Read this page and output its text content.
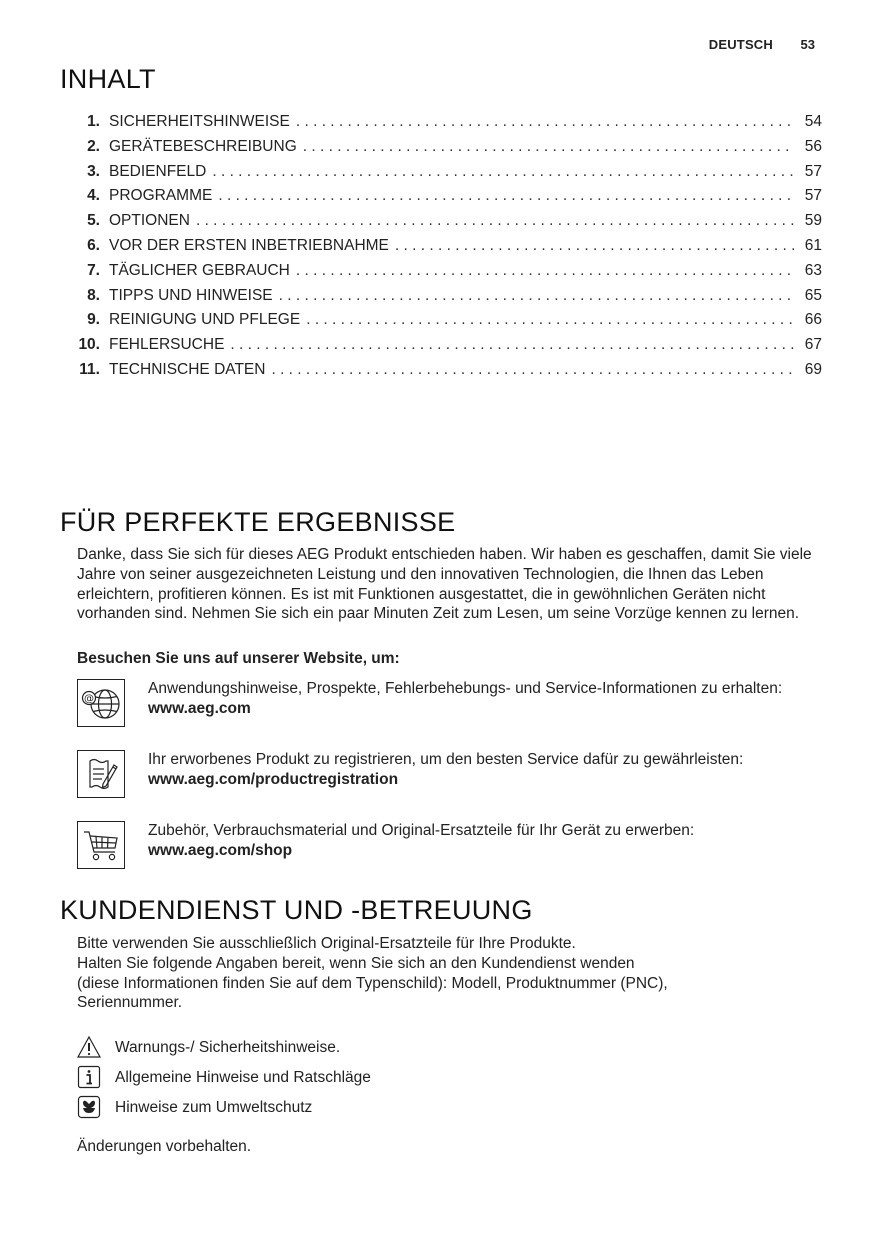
DEUTSCH 53
INHALT
1. SICHERHEITSHINWEISE . . .	54
2. GERÄTEBESCHREIBUNG . . .	56
3. BEDIENFELD . . .	57
4. PROGRAMME . . .	57
5. OPTIONEN . . .	59
6. VOR DER ERSTEN INBETRIEBNAHME . . .	61
7. TÄGLICHER GEBRAUCH . . .	63
8. TIPPS UND HINWEISE . . .	65
9. REINIGUNG UND PFLEGE . . .	66
10. FEHLERSUCHE . . .	67
11. TECHNISCHE DATEN . . .	69
FÜR PERFEKTE ERGEBNISSE

Danke, dass Sie sich für dieses AEG Produkt entschieden haben. Wir haben es geschaffen, damit Sie viele Jahre von seiner ausgezeichneten Leistung und den innovativen Technologien, die Ihnen das Leben erleichtern, profitieren können. Es ist mit Funktionen ausgestattet, die in gewöhnlichen Geräten nicht vorhanden sind. Nehmen Sie sich ein paar Minuten Zeit zum Lesen, um seine Vorzüge kennen zu lernen.

Besuchen Sie uns auf unserer Website, um:

@
Anwendungshinweise, Prospekte, Fehlerbehebungs- und Service-Informationen zu erhalten:
www.aeg.com
Ihr erworbenes Produkt zu registrieren, um den besten Service dafür zu gewährleisten:
www.aeg.com/productregistration
Zubehör, Verbrauchsmaterial und Original-Ersatzteile für Ihr Gerät zu erwerben:
www.aeg.com/shop
KUNDENDIENST UND -BETREUUNG
Bitte verwenden Sie ausschließlich Original-Ersatzteile für Ihre Produkte.
Halten Sie folgende Angaben bereit, wenn Sie sich an den Kundendienst wenden
(diese Informationen finden Sie auf dem Typenschild): Modell, Produktnummer (PNC),
Seriennummer.
Warnungs-/ Sicherheitshinweise.
Allgemeine Hinweise und Ratschläge
Hinweise zum Umweltschutz

Änderungen vorbehalten.
